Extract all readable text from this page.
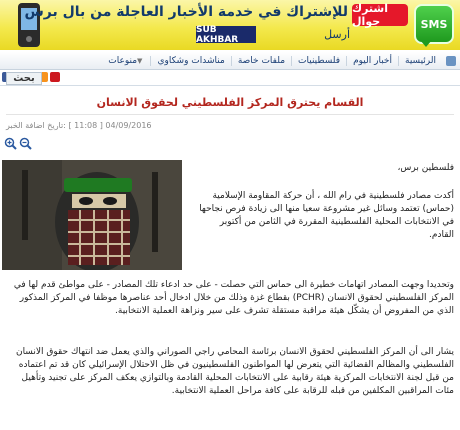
SUB AKHBAR	أرسل
للإشتراك في خدمة الأخبار العاجلة من بال برس اشترك جوال	SMS
الرئيسية
أخبار اليوم
فلسطينيات
ملفات خاصة
مناشدات وشكاوي
منوعات▼
بحث
القسام يحترق المركز الفلسطيني لحقوق الانسان
تاريخ اضافة الخبر: [ 11:08 ] 04/09/2016
فلسطين برس،
أكدت مصادر فلسطينية في رام الله ، أن حركة المقاومة الإسلامية (حماس) تعتمد وسائل غير مشروعة سعيا منها الى زيادة فرص نجاحها في الانتخابات المحلية الفلسطينية المقررة في الثامن من أكتوبر القادم.
وتحديدا وجهت المصادر اتهامات خطيرة الى حماس التي حصلت - على حد ادعاء تلك المصادر - على مواطئ قدم لها في المركز الفلسطيني لحقوق الانسان (PCHR) بقطاع غزة وذلك من خلال ادخال أحد عناصرها موظفا في المركز المذكور الذي من المفروض أن يشكّل هيئة مراقبة مستقلة تشرف على سير ونزاهة العملية الانتخابية.
يشار الى أن المركز الفلسطيني لحقوق الانسان برئاسة المحامي راجي الصوراني والذي يعمل ضد انتهاك حقوق الانسان الفلسطيني والمظالم القضائية التي يتعرض لها المواطنون الفلسطينيون في ظل الاحتلال الإسرائيلي كان قد تم اعتماده من قبل لجنة الانتخابات المركزية هيئة رقابية على الانتخابات المحلية القادمة وبالتوازي يعكف المركز على تجنيد وتأهيل مئات المراقبين المكلفين من قبله للرقابة على كافة مراحل العملية الانتخابية.
